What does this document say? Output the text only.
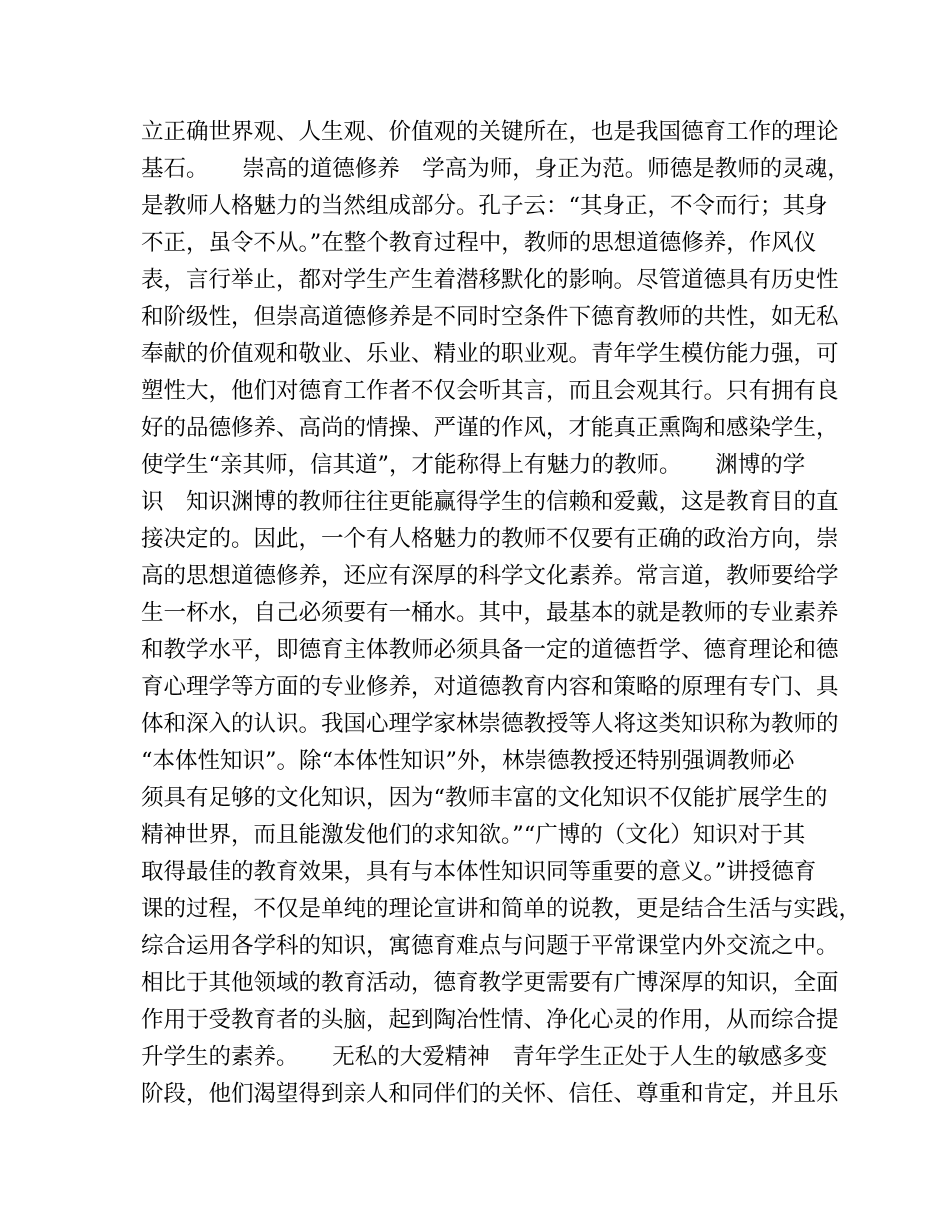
立正确世界观、人生观、价值观的关键所在，也是我国德育工作的理论
基石。　　崇高的道德修养　学高为师，身正为范。师德是教师的灵魂，
是教师人格魅力的当然组成部分。孔子云：“其身正，不令而行；其身
不正，虽令不从。”在整个教育过程中，教师的思想道德修养，作风仪
表，言行举止，都对学生产生着潜移默化的影响。尽管道德具有历史性
和阶级性，但崇高道德修养是不同时空条件下德育教师的共性，如无私
奉献的价值观和敬业、乐业、精业的职业观。青年学生模仿能力强，可
塑性大，他们对德育工作者不仅会听其言，而且会观其行。只有拥有良
好的品德修养、高尚的情操、严谨的作风，才能真正熏陶和感染学生，
使学生“亲其师，信其道”，才能称得上有魅力的教师。　　渊博的学
识　知识渊博的教师往往更能赢得学生的信赖和爱戴，这是教育目的直
接决定的。因此，一个有人格魅力的教师不仅要有正确的政治方向，崇
高的思想道德修养，还应有深厚的科学文化素养。常言道，教师要给学
生一杯水，自己必须要有一桶水。其中，最基本的就是教师的专业素养
和教学水平，即德育主体教师必须具备一定的道德哲学、德育理论和德
育心理学等方面的专业修养，对道德教育内容和策略的原理有专门、具
体和深入的认识。我国心理学家林崇德教授等人将这类知识称为教师的
“本体性知识”。除“本体性知识”外，林崇德教授还特别强调教师必
须具有足够的文化知识，因为“教师丰富的文化知识不仅能扩展学生的
精神世界，而且能激发他们的求知欲。”“广博的（文化）知识对于其
取得最佳的教育效果，具有与本体性知识同等重要的意义。”讲授德育
课的过程，不仅是单纯的理论宣讲和简单的说教，更是结合生活与实践，
综合运用各学科的知识，寓德育难点与问题于平常课堂内外交流之中。
相比于其他领域的教育活动，德育教学更需要有广博深厚的知识，全面
作用于受教育者的头脑，起到陶冶性情、净化心灵的作用，从而综合提
升学生的素养。　　无私的大爱精神　青年学生正处于人生的敏感多变
阶段，他们渴望得到亲人和同伴们的关怀、信任、尊重和肯定，并且乐
